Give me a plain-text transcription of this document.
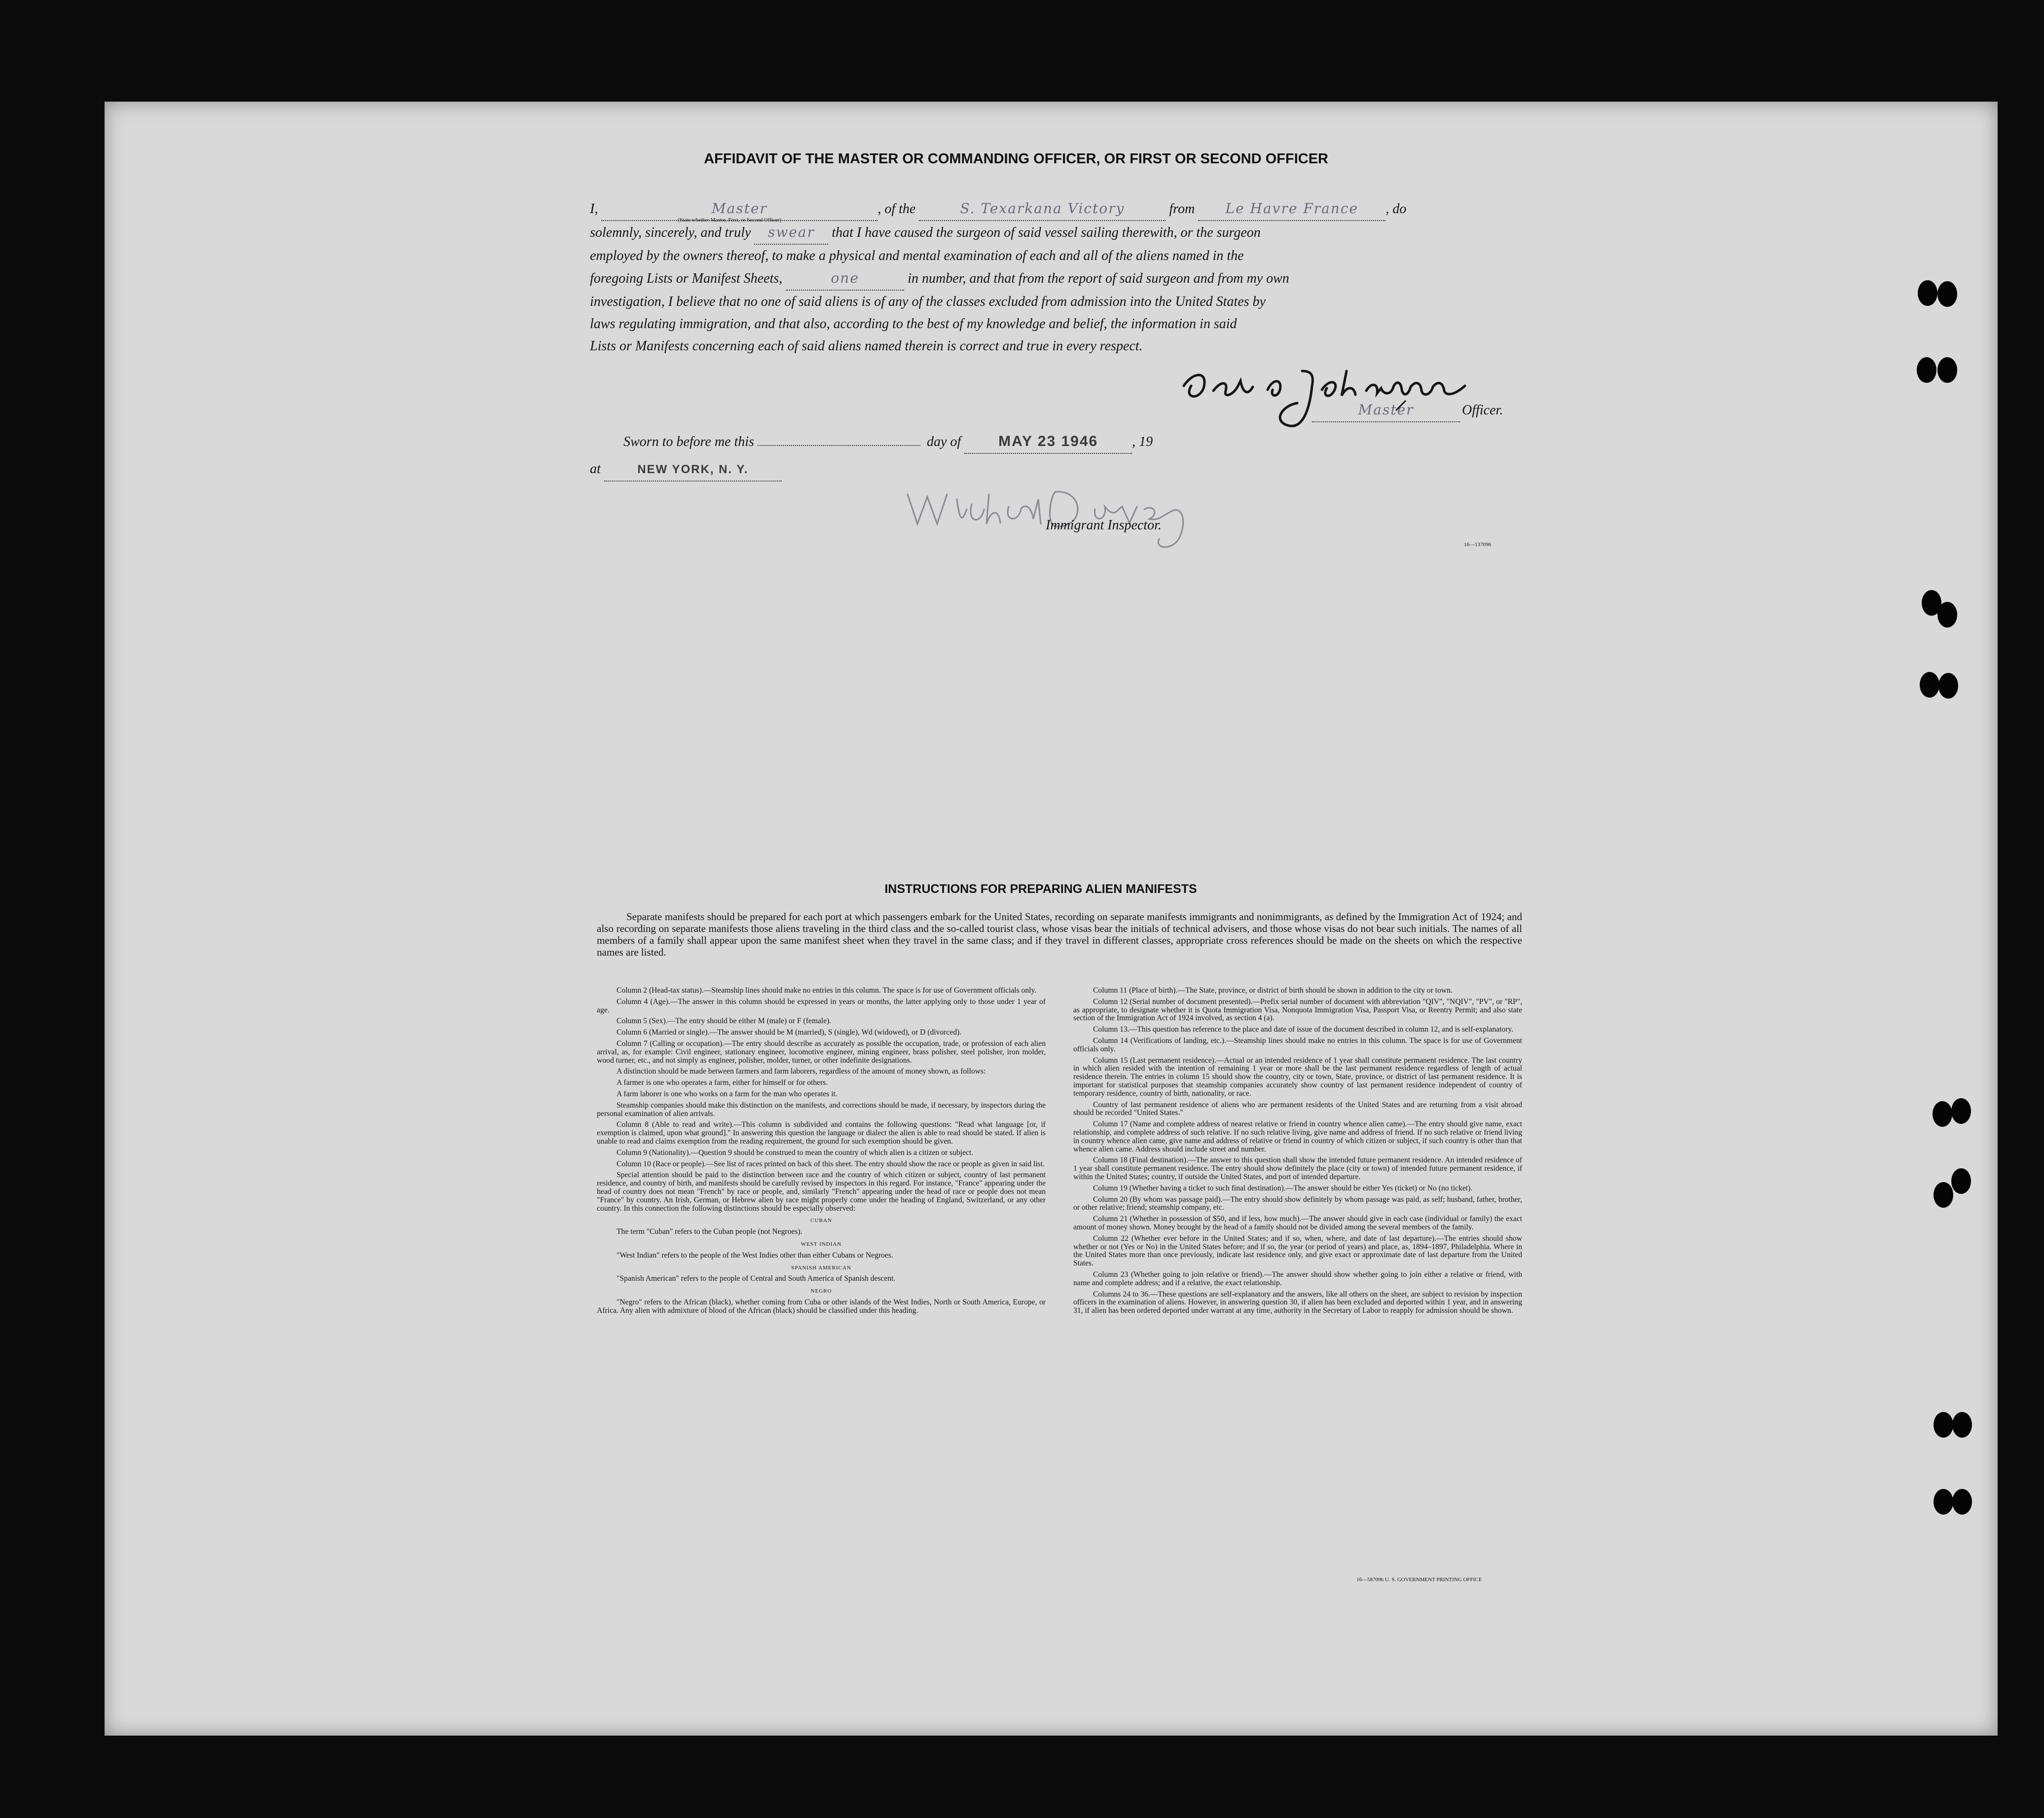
AFFIDAVIT OF THE MASTER OR COMMANDING OFFICER, OR FIRST OR SECOND OFFICER
I,	Master	, of the	S. Texarkana Victory	from Le Havre France , do
(State whether Master, First, or Second Officer)
solemnly, sincerely, and truly swear that I have caused the surgeon of said vessel sailing therewith, or the surgeon
employed by the owners thereof, to make a physical and mental examination of each and all of the aliens named in the
foregoing Lists or Manifest Sheets,	one	in number, and that from the report of said surgeon and from my own
investigation, I believe that no one of said aliens is of any of the classes excluded from admission into the United States by
laws regulating immigration, and that also, according to the best of my knowledge and belief, the information in said
Lists or Manifests concerning each of said aliens named therein is correct and true in every respect.
Master	Officer.
Sworn to before me this	day of	MAY 23 1946 , 19
at	NEW YORK, N. Y.
Immigrant Inspector.
16—137096
INSTRUCTIONS FOR PREPARING ALIEN MANIFESTS
Separate manifests should be prepared for each port at which passengers embark for the United States, recording on separate manifests immigrants and nonimmigrants, as defined by the Immigration Act of 1924; and also recording on separate manifests those aliens traveling in the third class and the so-called tourist class, whose visas bear the initials of technical advisers, and those whose visas do not bear such initials. The names of all members of a family shall appear upon the same manifest sheet when they travel in the same class; and if they travel in different classes, appropriate cross references should be made on the sheets on which the respective names are listed.

Column 2 (Head-tax status).—Steamship lines should make no entries in this column. The space is for use of Government officials only.

Column 4 (Age).—The answer in this column should be expressed in years or months, the latter applying only to those under 1 year of age.

Column 5 (Sex).—The entry should be either M (male) or F (female).

Column 6 (Married or single).—The answer should be M (married), S (single), Wd (widowed), or D (divorced).

Column 7 (Calling or occupation).—The entry should describe as accurately as possible the occupation, trade, or profession of each alien arrival, as, for example: Civil engineer, stationary engineer, locomotive engineer, mining engineer, brass polisher, steel polisher, iron molder, wood turner, etc., and not simply as engineer, polisher, molder, turner, or other indefinite designations.

A distinction should be made between farmers and farm laborers, regardless of the amount of money shown, as follows:

A farmer is one who operates a farm, either for himself or for others.

A farm laborer is one who works on a farm for the man who operates it.

Steamship companies should make this distinction on the manifests, and corrections should be made, if necessary, by inspectors during the personal examination of alien arrivals.

Column 8 (Able to read and write).—This column is subdivided and contains the following questions: "Read what language [or, if exemption is claimed, upon what ground]." In answering this question the language or dialect the alien is able to read should be stated. If alien is unable to read and claims exemption from the reading requirement, the ground for such exemption should be given.

Column 9 (Nationality).—Question 9 should be construed to mean the country of which alien is a citizen or subject.

Column 10 (Race or people).—See list of races printed on back of this sheet. The entry should show the race or people as given in said list.

Special attention should be paid to the distinction between race and the country of which citizen or subject, country of last permanent residence, and country of birth, and manifests should be carefully revised by inspectors in this regard. For instance, "France" appearing under the head of country does not mean "French" by race or people, and, similarly "French" appearing under the head of race or people does not mean "France" by country. An Irish, German, or Hebrew alien by race might properly come under the heading of England, Switzerland, or any other country. In this connection the following distinctions should be especially observed:

CUBAN

The term "Cuban" refers to the Cuban people (not Negroes).

WEST INDIAN

"West Indian" refers to the people of the West Indies other than either Cubans or Negroes.

SPANISH AMERICAN

"Spanish American" refers to the people of Central and South America of Spanish descent.

NEGRO

"Negro" refers to the African (black), whether coming from Cuba or other islands of the West Indies, North or South America, Europe, or Africa. Any alien with admixture of blood of the African (black) should be classified under this heading.

Column 11 (Place of birth).—The State, province, or district of birth should be shown in addition to the city or town.

Column 12 (Serial number of document presented).—Prefix serial number of document with abbreviation "QIV", "NQIV", "PV", or "RP", as appropriate, to designate whether it is Quota Immigration Visa, Nonquota Immigration Visa, Passport Visa, or Reentry Permit; and also state section of the Immigration Act of 1924 involved, as section 4 (a).

Column 13.—This question has reference to the place and date of issue of the document described in column 12, and is self-explanatory.

Column 14 (Verifications of landing, etc.).—Steamship lines should make no entries in this column. The space is for use of Government officials only.

Column 15 (Last permanent residence).—Actual or an intended residence of 1 year shall constitute permanent residence. The last country in which alien resided with the intention of remaining 1 year or more shall be the last permanent residence regardless of length of actual residence therein. The entries in column 15 should show the country, city or town, State, province, or district of last permanent residence. It is important for statistical purposes that steamship companies accurately show country of last permanent residence independent of country of temporary residence, country of birth, nationality, or race.

Country of last permanent residence of aliens who are permanent residents of the United States and are returning from a visit abroad should be recorded "United States."

Column 17 (Name and complete address of nearest relative or friend in country whence alien came).—The entry should give name, exact relationship, and complete address of such relative. If no such relative living, give name and address of friend. If no such relative or friend living in country whence alien came, give name and address of relative or friend in country of which citizen or subject, if such country is other than that whence alien came. Address should include street and number.

Column 18 (Final destination).—The answer to this question shall show the intended future permanent residence. An intended residence of 1 year shall constitute permanent residence. The entry should show definitely the place (city or town) of intended future permanent residence, if within the United States; country, if outside the United States, and port of intended departure.

Column 19 (Whether having a ticket to such final destination).—The answer should be either Yes (ticket) or No (no ticket).

Column 20 (By whom was passage paid).—The entry should show definitely by whom passage was paid, as self; husband, father, brother, or other relative; friend; steamship company, etc.

Column 21 (Whether in possession of $50, and if less, how much).—The answer should give in each case (individual or family) the exact amount of money shown. Money brought by the head of a family should not be divided among the several members of the family.

Column 22 (Whether ever before in the United States; and if so, when, where, and date of last departure).—The entries should show whether or not (Yes or No) in the United States before; and if so, the year (or period of years) and place, as, 1894–1897, Philadelphia. Where in the United States more than once previously, indicate last residence only, and give exact or approximate date of last departure from the United States.

Column 23 (Whether going to join relative or friend).—The answer should show whether going to join either a relative or friend, with name and complete address; and if a relative, the exact relationship.

Columns 24 to 36.—These questions are self-explanatory and the answers, like all others on the sheet, are subject to revision by inspection officers in the examination of aliens. However, in answering question 30, if alien has been excluded and deported within 1 year, and in answering 31, if alien has been ordered deported under warrant at any time, authority in the Secretary of Labor to reapply for admission should be shown.

16—58709b U. S. GOVERNMENT PRINTING OFFICE
